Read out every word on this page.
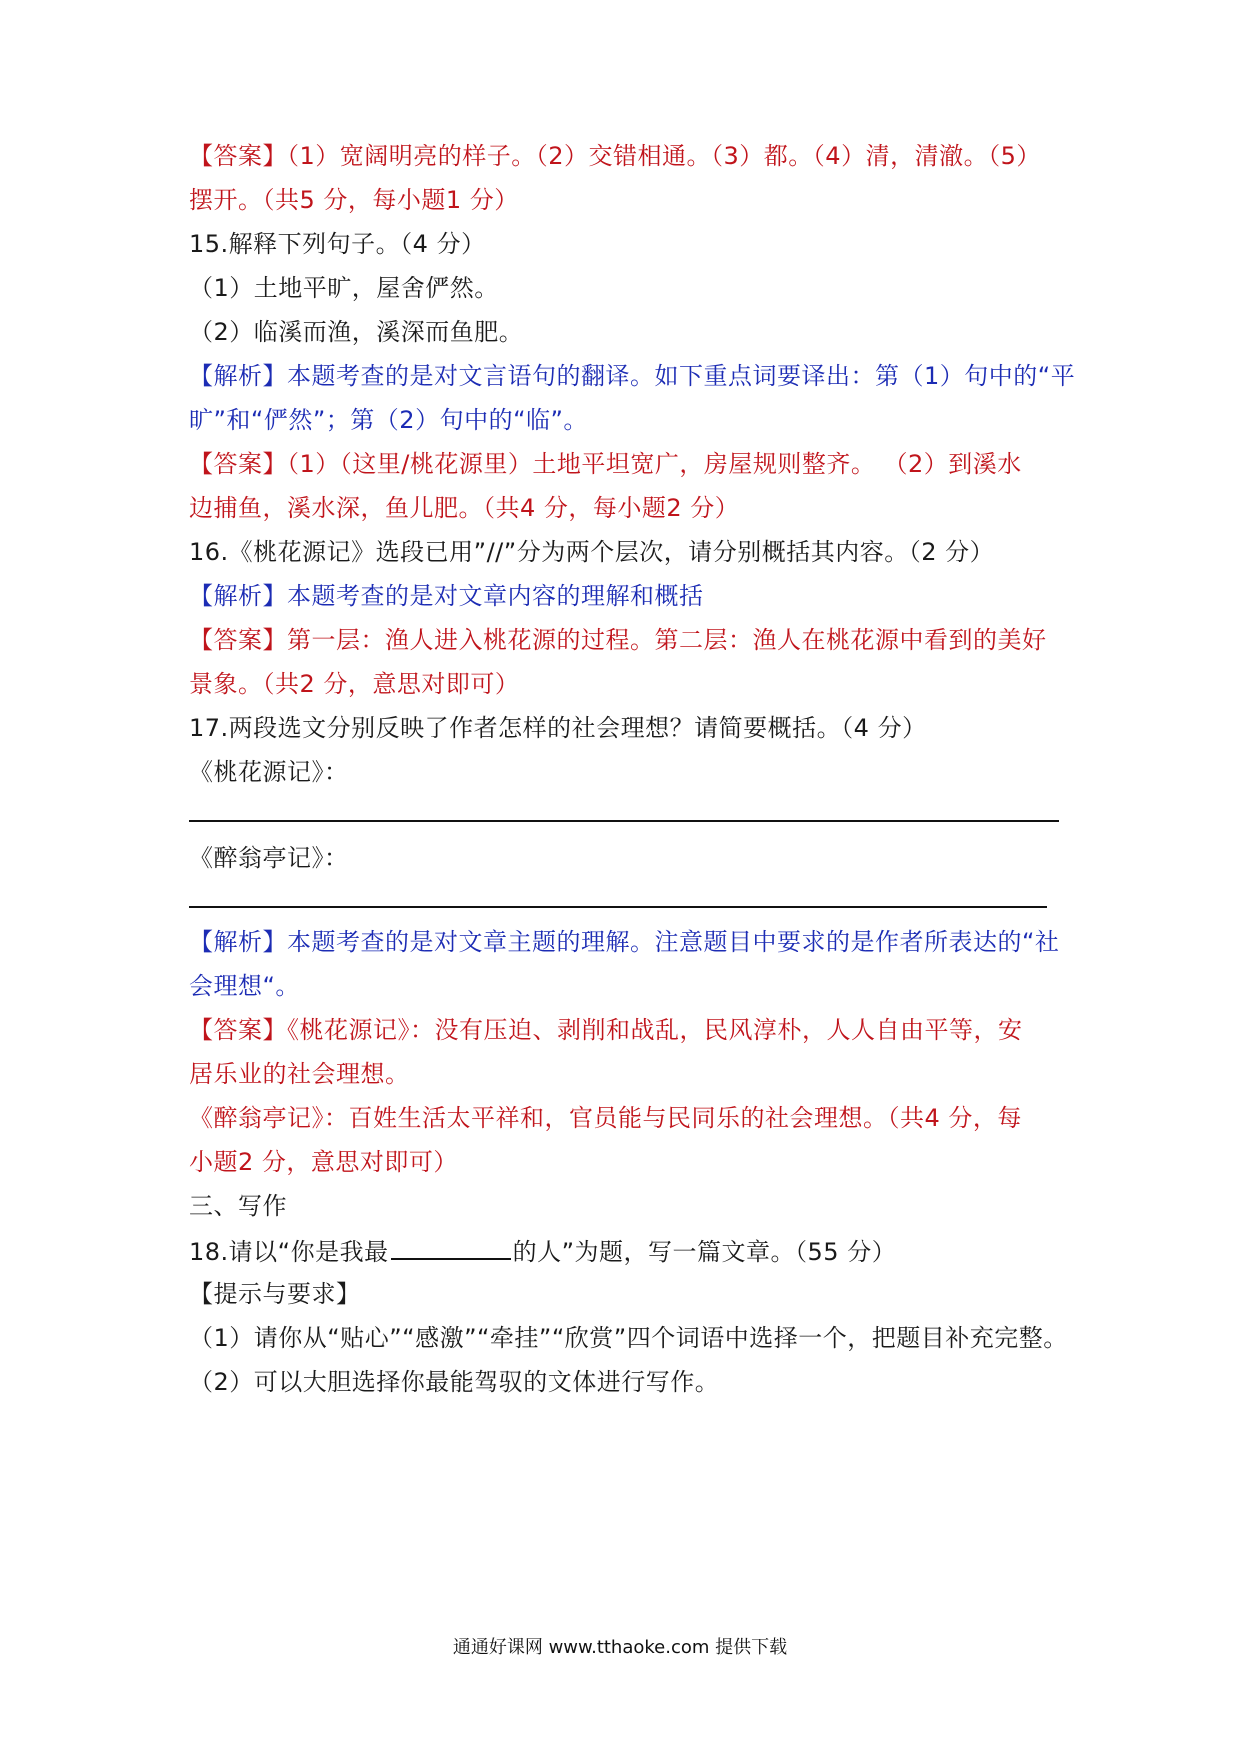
【答案】（1）宽阔明亮的样子。（2）交错相通。（3）都。（4）清，清澈。（5）
摆开。（共5 分，每小题1 分）
15.解释下列句子。（4 分）
（1）土地平旷，屋舍俨然。
（2）临溪而渔，溪深而鱼肥。
【解析】本题考查的是对文言语句的翻译。如下重点词要译出：第（1）句中的“平
旷”和“俨然”；第（2）句中的“临”。
【答案】（1）（这里/桃花源里）土地平坦宽广，房屋规则整齐。 （2）到溪水
边捕鱼，溪水深，鱼儿肥。（共4 分，每小题2 分）
16.《桃花源记》选段已用”//”分为两个层次，请分别概括其内容。（2 分）
【解析】本题考查的是对文章内容的理解和概括
【答案】第一层：渔人进入桃花源的过程。第二层：渔人在桃花源中看到的美好
景象。（共2 分，意思对即可）
17.两段选文分别反映了作者怎样的社会理想？请简要概括。（4 分）
《桃花源记》：
《醉翁亭记》：
【解析】本题考查的是对文章主题的理解。注意题目中要求的是作者所表达的“社
会理想“。
【答案】《桃花源记》：没有压迫、剥削和战乱，民风淳朴，人人自由平等，安
居乐业的社会理想。
《醉翁亭记》：百姓生活太平祥和，官员能与民同乐的社会理想。（共4 分，每
小题2 分，意思对即可）
三、写作
18.请以“你是我最	的人”为题，写一篇文章。（55 分）
【提示与要求】
（1）请你从“贴心”“感激”“牵挂”“欣赏”四个词语中选择一个，把题目补充完整。
（2）可以大胆选择你最能驾驭的文体进行写作。
通通好课网 www.tthaoke.com 提供下载
